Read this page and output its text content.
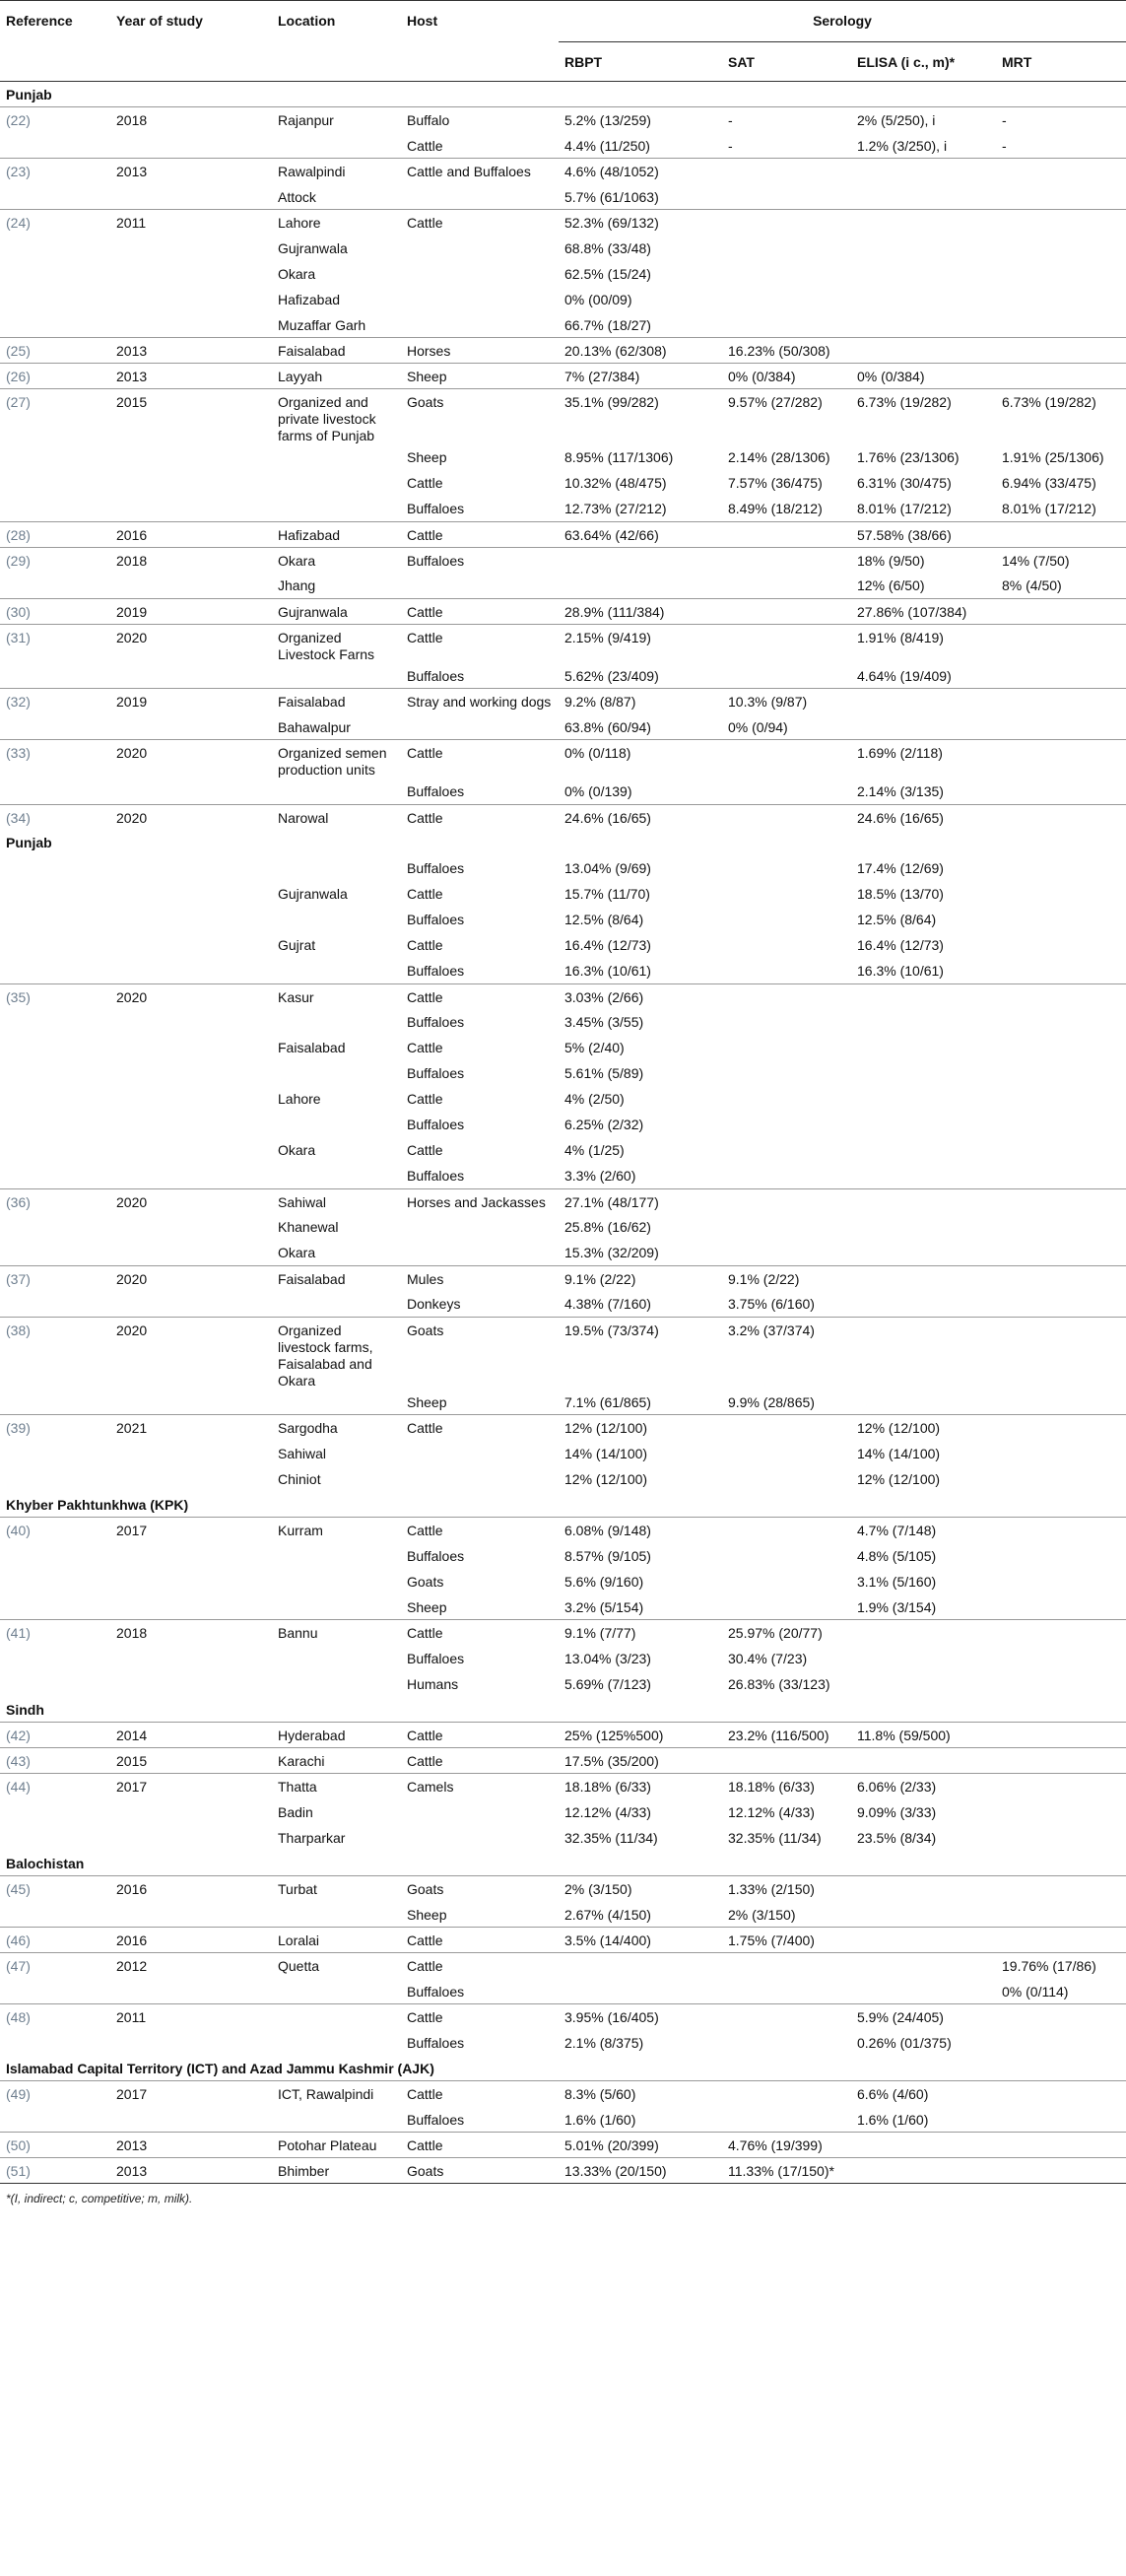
Reference	Year of study	Location	Host	Serology			
				RBPT	SAT	ELISA (i c., m)*	MRT
Punjab							
(22)	2018	Rajanpur	Buffalo	5.2% (13/259)	-	2% (5/250), i	-
			Cattle	4.4% (11/250)	-	1.2% (3/250), i	-
(23)	2013	Rawalpindi	Cattle and Buffaloes	4.6% (48/1052)			
		Attock		5.7% (61/1063)			
(24)	2011	Lahore	Cattle	52.3% (69/132)			
		Gujranwala		68.8% (33/48)			
		Okara		62.5% (15/24)			
		Hafizabad		0% (00/09)			
		Muzaffar Garh		66.7% (18/27)			
(25)	2013	Faisalabad	Horses	20.13% (62/308)	16.23% (50/308)		
(26)	2013	Layyah	Sheep	7% (27/384)	0% (0/384)	0% (0/384)	
(27)	2015	Organized and private livestock farms of Punjab	Goats	35.1% (99/282)	9.57% (27/282)	6.73% (19/282)	6.73% (19/282)
			Sheep	8.95% (117/1306)	2.14% (28/1306)	1.76% (23/1306)	1.91% (25/1306)
			Cattle	10.32% (48/475)	7.57% (36/475)	6.31% (30/475)	6.94% (33/475)
			Buffaloes	12.73% (27/212)	8.49% (18/212)	8.01% (17/212)	8.01% (17/212)
(28)	2016	Hafizabad	Cattle	63.64% (42/66)		57.58% (38/66)	
(29)	2018	Okara	Buffaloes			18% (9/50)	14% (7/50)
		Jhang				12% (6/50)	8% (4/50)
(30)	2019	Gujranwala	Cattle	28.9% (111/384)		27.86% (107/384)	
(31)	2020	Organized Livestock Farns	Cattle	2.15% (9/419)		1.91% (8/419)	
			Buffaloes	5.62% (23/409)		4.64% (19/409)	
(32)	2019	Faisalabad	Stray and working dogs	9.2% (8/87)	10.3% (9/87)		
		Bahawalpur		63.8% (60/94)	0% (0/94)		
(33)	2020	Organized semen production units	Cattle	0% (0/118)		1.69% (2/118)	
			Buffaloes	0% (0/139)		2.14% (3/135)	
(34)	2020	Narowal	Cattle	24.6% (16/65)		24.6% (16/65)	
Punjab							
			Buffaloes	13.04% (9/69)		17.4% (12/69)	
		Gujranwala	Cattle	15.7% (11/70)		18.5% (13/70)	
			Buffaloes	12.5% (8/64)		12.5% (8/64)	
		Gujrat	Cattle	16.4% (12/73)		16.4% (12/73)	
			Buffaloes	16.3% (10/61)		16.3% (10/61)	
(35)	2020	Kasur	Cattle	3.03% (2/66)			
			Buffaloes	3.45% (3/55)			
		Faisalabad	Cattle	5% (2/40)			
			Buffaloes	5.61% (5/89)			
		Lahore	Cattle	4% (2/50)			
			Buffaloes	6.25% (2/32)			
		Okara	Cattle	4% (1/25)			
			Buffaloes	3.3% (2/60)			
(36)	2020	Sahiwal	Horses and Jackasses	27.1% (48/177)			
		Khanewal		25.8% (16/62)			
		Okara		15.3% (32/209)			
(37)	2020	Faisalabad	Mules	9.1% (2/22)	9.1% (2/22)		
			Donkeys	4.38% (7/160)	3.75% (6/160)		
(38)	2020	Organized livestock farms, Faisalabad and Okara	Goats	19.5% (73/374)	3.2% (37/374)		
			Sheep	7.1% (61/865)	9.9% (28/865)		
(39)	2021	Sargodha	Cattle	12% (12/100)		12% (12/100)	
		Sahiwal		14% (14/100)		14% (14/100)	
		Chiniot		12% (12/100)		12% (12/100)	
Khyber Pakhtunkhwa (KPK)							
(40)	2017	Kurram	Cattle	6.08% (9/148)		4.7% (7/148)	
			Buffaloes	8.57% (9/105)		4.8% (5/105)	
			Goats	5.6% (9/160)		3.1% (5/160)	
			Sheep	3.2% (5/154)		1.9% (3/154)	
(41)	2018	Bannu	Cattle	9.1% (7/77)	25.97% (20/77)		
			Buffaloes	13.04% (3/23)	30.4% (7/23)		
			Humans	5.69% (7/123)	26.83% (33/123)		
Sindh							
(42)	2014	Hyderabad	Cattle	25% (125%500)	23.2% (116/500)	11.8% (59/500)	
(43)	2015	Karachi	Cattle	17.5% (35/200)			
(44)	2017	Thatta	Camels	18.18% (6/33)	18.18% (6/33)	6.06% (2/33)	
		Badin		12.12% (4/33)	12.12% (4/33)	9.09% (3/33)	
		Tharparkar		32.35% (11/34)	32.35% (11/34)	23.5% (8/34)	
Balochistan							
(45)	2016	Turbat	Goats	2% (3/150)	1.33% (2/150)		
			Sheep	2.67% (4/150)	2% (3/150)		
(46)	2016	Loralai	Cattle	3.5% (14/400)	1.75% (7/400)		
(47)	2012	Quetta	Cattle				19.76% (17/86)
			Buffaloes				0% (0/114)
(48)	2011		Cattle	3.95% (16/405)		5.9% (24/405)	
			Buffaloes	2.1% (8/375)		0.26% (01/375)	
Islamabad Capital Territory (ICT) and Azad Jammu Kashmir (AJK)							
(49)	2017	ICT, Rawalpindi	Cattle	8.3% (5/60)		6.6% (4/60)	
			Buffaloes	1.6% (1/60)		1.6% (1/60)	
(50)	2013	Potohar Plateau	Cattle	5.01% (20/399)	4.76% (19/399)		
(51)	2013	Bhimber	Goats	13.33% (20/150)	11.33% (17/150)*		
*(I, indirect; c, competitive; m, milk).
